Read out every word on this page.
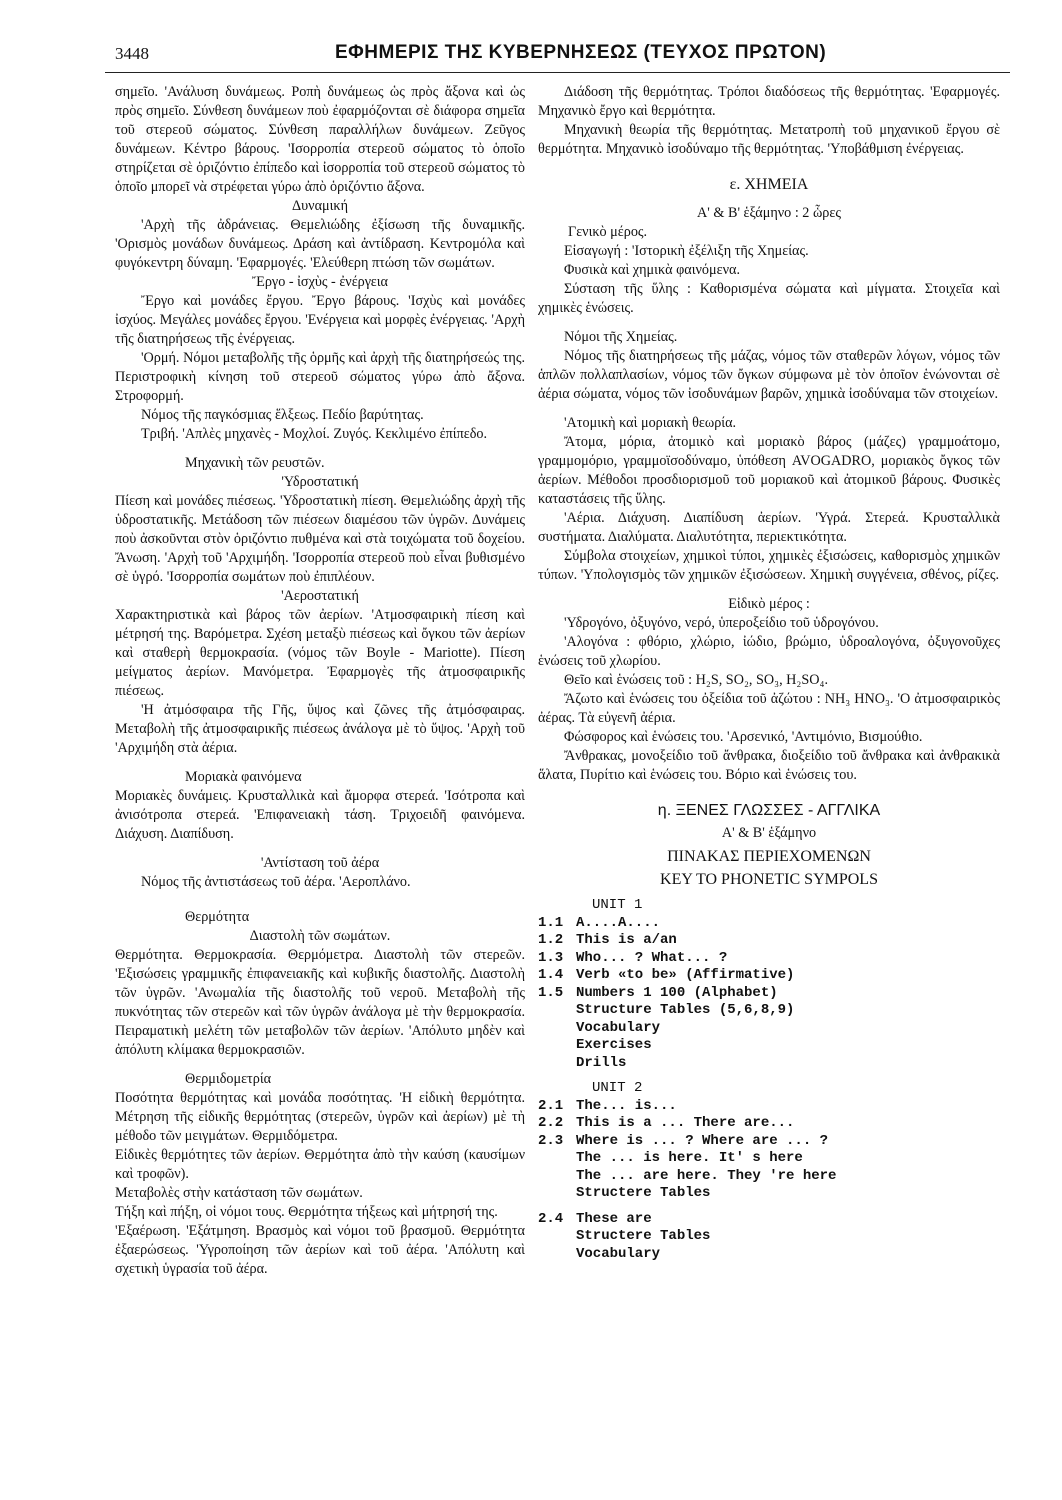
3448	ΕΦΗΜΕΡΙΣ ΤΗΣ ΚΥΒΕΡΝΗΣΕΩΣ (ΤΕΥΧΟΣ ΠΡΩΤΟΝ)

σημεῖο. 'Ανάλυση δυνάμεως. Ροπὴ δυνάμεως ὡς πρὸς ἄξονα καὶ ὡς πρὸς σημεῖο. Σύνθεση δυνάμεων ποὺ ἐφαρμόζονται σὲ διάφορα σημεῖα τοῦ στερεοῦ σώματος. Σύνθεση παραλλήλων δυνάμεων. Ζεῦγος δυνάμεων. Κέντρο βάρους. 'Ισορροπία στερεοῦ σώματος τὸ ὁποῖο στηρίζεται σὲ ὁριζόντιο ἐπίπεδο καὶ ἰσορροπία τοῦ στερεοῦ σώματος τὸ ὁποῖο μπορεῖ νὰ στρέφεται γύρω ἀπὸ ὁριζόντιο ἄξονα.

Δυναμική

'Αρχὴ τῆς ἀδράνειας. Θεμελιώδης ἐξίσωση τῆς δυναμικῆς. 'Ορισμὸς μονάδων δυνάμεως. Δράση καὶ ἀντίδραση. Κεντρομόλα καὶ φυγόκεντρη δύναμη. 'Εφαρμογές. 'Ελεύθερη πτώση τῶν σωμάτων.

Ἔργο - ἰσχὺς - ἐνέργεια

Ἔργο καὶ μονάδες ἔργου. Ἔργο βάρους. 'Ισχὺς καὶ μονάδες ἰσχύος. Μεγάλες μονάδες ἔργου. 'Ενέργεια καὶ μορφὲς ἐνέργειας. 'Αρχὴ τῆς διατηρήσεως τῆς ἐνέργειας.

'Ορμή. Νόμοι μεταβολῆς τῆς ὁρμῆς καὶ ἀρχὴ τῆς διατηρήσεώς της. Περιστροφικὴ κίνηση τοῦ στερεοῦ σώματος γύρω ἀπὸ ἄξονα. Στροφορμή.

Νόμος τῆς παγκόσμιας ἕλξεως. Πεδίο βαρύτητας.

Τριβή. 'Απλὲς μηχανὲς - Μοχλοί. Ζυγός. Κεκλιμένο ἐπίπεδο.

Μηχανικὴ τῶν ρευστῶν.

'Υδροστατική

Πίεση καὶ μονάδες πιέσεως. 'Υδροστατικὴ πίεση. Θεμελιώδης ἀρχὴ τῆς ὑδροστατικῆς. Μετάδοση τῶν πιέσεων διαμέσου τῶν ὑγρῶν. Δυνάμεις ποὺ ἀσκοῦνται στὸν ὁριζόντιο πυθμένα καὶ στὰ τοιχώματα τοῦ δοχείου. Ἄνωση. 'Αρχὴ τοῦ 'Αρχιμήδη. 'Ισορροπία στερεοῦ ποὺ εἶναι βυθισμένο σὲ ὑγρό. 'Ισορροπία σωμάτων ποὺ ἐπιπλέουν.

'Αεροστατική

Χαρακτηριστικὰ καὶ βάρος τῶν ἀερίων. 'Ατμοσφαιρικὴ πίεση καὶ μέτρησή της. Βαρόμετρα. Σχέση μεταξὺ πιέσεως καὶ ὄγκου τῶν ἀερίων καὶ σταθερὴ θερμοκρασία. (νόμος τῶν Boyle - Mariotte). Πίεση μείγματος ἀερίων. Μανόμετρα. Ἐφαρμογὲς τῆς ἀτμοσφαιρικῆς πιέσεως.

'Η ἀτμόσφαιρα τῆς Γῆς, ὕψος καὶ ζῶνες τῆς ἀτμόσφαιρας. Μεταβολὴ τῆς ἀτμοσφαιρικῆς πιέσεως ἀνάλογα μὲ τὸ ὕψος. 'Αρχὴ τοῦ 'Αρχιμήδη στὰ ἀέρια.

Μοριακὰ φαινόμενα

Μοριακὲς δυνάμεις. Κρυσταλλικὰ καὶ ἄμορφα στερεά. 'Ισότροπα καὶ ἀνισότροπα στερεά. 'Επιφανειακὴ τάση. Τριχοειδῆ φαινόμενα. Διάχυση. Διαπίδυση.

'Αντίσταση τοῦ ἀέρα

Νόμος τῆς ἀντιστάσεως τοῦ ἀέρα. 'Αεροπλάνο.

Θερμότητα

Διαστολὴ τῶν σωμάτων.

Θερμότητα. Θερμοκρασία. Θερμόμετρα. Διαστολὴ τῶν στερεῶν. 'Εξισώσεις γραμμικῆς ἐπιφανειακῆς καὶ κυβικῆς διαστολῆς. Διαστολὴ τῶν ὑγρῶν. 'Ανωμαλία τῆς διαστολῆς τοῦ νεροῦ. Μεταβολὴ τῆς πυκνότητας τῶν στερεῶν καὶ τῶν ὑγρῶν ἀνάλογα μὲ τὴν θερμοκρασία. Πειραματικὴ μελέτη τῶν μεταβολῶν τῶν ἀερίων. 'Απόλυτο μηδὲν καὶ ἀπόλυτη κλίμακα θερμοκρασιῶν.

Θερμιδομετρία

Ποσότητα θερμότητας καὶ μονάδα ποσότητας. 'Η εἰδικὴ θερμότητα. Μέτρηση τῆς εἰδικῆς θερμότητας (στερεῶν, ὑγρῶν καὶ ἀερίων) μὲ τὴ μέθοδο τῶν μειγμάτων. Θερμιδόμετρα.

Εἰδικὲς θερμότητες τῶν ἀερίων. Θερμότητα ἀπὸ τὴν καύση (καυσίμων καὶ τροφῶν).

Μεταβολὲς στὴν κατάσταση τῶν σωμάτων.

Τήξη καὶ πήξη, οἱ νόμοι τους. Θερμότητα τήξεως καὶ μήτρησή της.

'Εξαέρωση. 'Εξάτμηση. Βρασμὸς καὶ νόμοι τοῦ βρασμοῦ. Θερμότητα ἐξαερώσεως. 'Υγροποίηση τῶν ἀερίων καὶ τοῦ ἀέρα. 'Απόλυτη καὶ σχετικὴ ὑγρασία τοῦ ἀέρα.

Διάδοση τῆς θερμότητας. Τρόποι διαδόσεως τῆς θερμότητας. 'Εφαρμογές. Μηχανικὸ ἔργο καὶ θερμότητα.

Μηχανικὴ θεωρία τῆς θερμότητας. Μετατροπὴ τοῦ μηχανικοῦ ἔργου σὲ θερμότητα. Μηχανικὸ ἰσοδύναμο τῆς θερμότητας. 'Υποβάθμιση ἐνέργειας.

ε. ΧΗΜΕΙΑ

Α' & Β' ἑξάμηνο : 2 ὧρες

Γενικὸ μέρος.

Εἰσαγωγή : 'Ιστορικὴ ἐξέλιξη τῆς Χημείας.

Φυσικὰ καὶ χημικὰ φαινόμενα.

Σύσταση τῆς ὕλης : Καθορισμένα σώματα καὶ μίγματα. Στοιχεῖα καὶ χημικὲς ἑνώσεις.

Νόμοι τῆς Χημείας.

Νόμος τῆς διατηρήσεως τῆς μάζας, νόμος τῶν σταθερῶν λόγων, νόμος τῶν ἁπλῶν πολλαπλασίων, νόμος τῶν ὄγκων σύμφωνα μὲ τὸν ὁποῖον ἑνώνονται σὲ ἀέρια σώματα, νόμος τῶν ἰσοδυνάμων βαρῶν, χημικὰ ἰσοδύναμα τῶν στοιχείων.

'Ατομικὴ καὶ μοριακὴ θεωρία.

Ἄτομα, μόρια, ἀτομικὸ καὶ μοριακὸ βάρος (μάζες) γραμμοάτομο, γραμμομόριο, γραμμοϊσοδύναμο, ὑπόθεση AVOGADRO, μοριακὸς ὄγκος τῶν ἀερίων. Μέθοδοι προσδιορισμοῦ τοῦ μοριακοῦ καὶ ἀτομικοῦ βάρους. Φυσικὲς καταστάσεις τῆς ὕλης.

'Αέρια. Διάχυση. Διαπίδυση ἀερίων. 'Υγρά. Στερεά. Κρυσταλλικὰ συστήματα. Διαλύματα. Διαλυτότητα, περιεκτικότητα.

Σύμβολα στοιχείων, χημικοὶ τύποι, χημικὲς ἐξισώσεις, καθορισμὸς χημικῶν τύπων. 'Υπολογισμὸς τῶν χημικῶν ἐξισώσεων. Χημικὴ συγγένεια, σθένος, ρίζες.

Εἰδικὸ μέρος :

'Υδρογόνο, ὀξυγόνο, νερό, ὑπεροξείδιο τοῦ ὑδρογόνου.

'Αλογόνα : φθόριο, χλώριο, ἰώδιο, βρώμιο, ὑδροαλογόνα, ὀξυγονοῦχες ἑνώσεις τοῦ χλωρίου.

Θεῖο καὶ ἑνώσεις τοῦ : H₂S, SO₂, SO₃, H₂SO₄.

Ἄζωτο καὶ ἑνώσεις του ὀξείδια τοῦ ἀζώτου : NH₃ HNO₃. 'Ο ἀτμοσφαιρικὸς ἀέρας. Τὰ εὐγενῆ ἀέρια.

Φώσφορος καὶ ἑνώσεις του. 'Αρσενικό, 'Αντιμόνιο, Βισμούθιο.

Ἄνθρακας, μονοξείδιο τοῦ ἄνθρακα, διοξείδιο τοῦ ἄνθρακα καὶ ἀνθρακικὰ ἅλατα, Πυρίτιο καὶ ἑνώσεις του. Βόριο καὶ ἑνώσεις του.

η. ΞΕΝΕΣ ΓΛΩΣΣΕΣ - ΑΓΓΛΙΚΑ

Α' & Β' ἑξάμηνο

ΠΙΝΑΚΑΣ ΠΕΡΙΕΧΟΜΕΝΩΝ

KEY TO PHONETIC SYMPOLS

UNIT 1
1.1 A....A....
1.2 This is a/an
1.3 Who... ? What... ?
1.4 Verb «to be» (Affirmative)
1.5 Numbers 1 100 (Alphabet)
Structure Tables (5,6,8,9)
Vocabulary
Exercises
Drills
UNIT 2
2.1 The... is...
2.2 This is a ... There are...
2.3 Where is ... ? Where are ... ?
The ... is here. It' s here
The ... are here. They 're here
Structere Tables
2.4 These are
Structere Tables
Vocabulary
